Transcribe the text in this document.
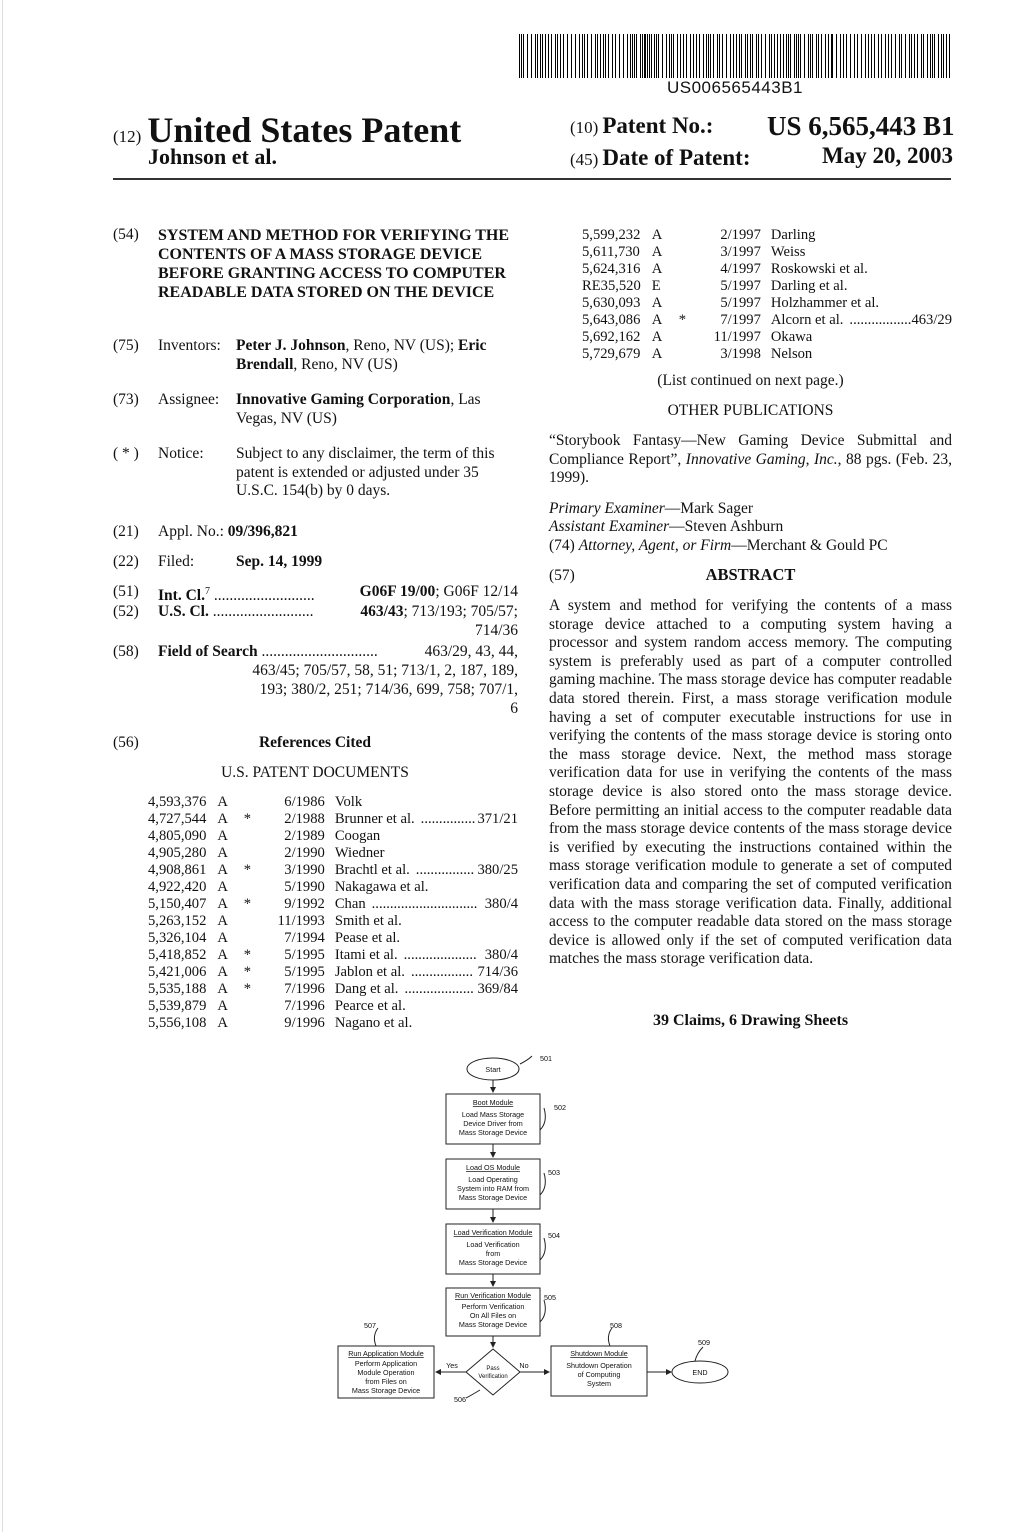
US006565443B1
(12) United States Patent
Johnson et al.
(10) Patent No.: US 6,565,443 B1
(45) Date of Patent:	May 20, 2003
(54) SYSTEM AND METHOD FOR VERIFYING THE CONTENTS OF A MASS STORAGE DEVICE BEFORE GRANTING ACCESS TO COMPUTER READABLE DATA STORED ON THE DEVICE
(75) Inventors: Peter J. Johnson, Reno, NV (US); Eric
Brendall, Reno, NV (US)
(73) Assignee: Innovative Gaming Corporation, Las
Vegas, NV (US)
( * ) Notice: Subject to any disclaimer, the term of this
patent is extended or adjusted under 35
U.S.C. 154(b) by 0 days.
(21) Appl. No.: 09/396,821
(22) Filed:	Sep. 14, 1999
(51) Int. Cl.$^7$ ..........................	G06F 19/00; G06F 12/14
(52) U.S. Cl. ..........................	463/43; 713/193; 705/57;
714/36
(58) Field of Search ..............................	463/29, 43, 44,
463/45; 705/57, 58, 51; 713/1, 2, 187, 189,
193; 380/2, 251; 714/36, 699, 758; 707/1,
6
(56)	References Cited
U.S. PATENT DOCUMENTS
4,593,376	A		6/1986	Volk	
4,727,544	A	*	2/1988	Brunner et al. ...............	371/21
4,805,090	A		2/1989	Coogan	
4,905,280	A		2/1990	Wiedner	
4,908,861	A	*	3/1990	Brachtl et al. ................	380/25
4,922,420	A		5/1990	Nakagawa et al.	
5,150,407	A	*	9/1992	Chan .............................	380/4
5,263,152	A		11/1993	Smith et al.	
5,326,104	A		7/1994	Pease et al.	
5,418,852	A	*	5/1995	Itami et al. ....................	380/4
5,421,006	A	*	5/1995	Jablon et al. .................	714/36
5,535,188	A	*	7/1996	Dang et al. ...................	369/84
5,539,879	A		7/1996	Pearce et al.	
5,556,108	A		9/1996	Nagano et al.	
5,599,232	A		2/1997	Darling	
5,611,730	A		3/1997	Weiss	
5,624,316	A		4/1997	Roskowski et al.	
RE35,520	E		5/1997	Darling et al.	
5,630,093	A		5/1997	Holzhammer et al.	
5,643,086	A	*	7/1997	Alcorn et al. .................	463/29
5,692,162	A		11/1997	Okawa	
5,729,679	A		3/1998	Nelson	
(List continued on next page.)
OTHER PUBLICATIONS
“Storybook Fantasy—New Gaming Device Submittal and Compliance Report”, Innovative Gaming, Inc., 88 pgs. (Feb. 23, 1999).
Primary Examiner—Mark Sager
Assistant Examiner—Steven Ashburn
(74) Attorney, Agent, or Firm—Merchant & Gould PC
(57)	ABSTRACT
A system and method for verifying the contents of a mass storage device attached to a computing system having a processor and system random access memory. The computing system is preferably used as part of a computer controlled gaming machine. The mass storage device has computer readable data stored therein. First, a mass storage verification module having a set of computer executable instructions for use in verifying the contents of the mass storage device is storing onto the mass storage device. Next, the method mass storage verification data for use in verifying the contents of the mass storage device is also stored onto the mass storage device. Before permitting an initial access to the computer readable data from the mass storage device contents of the mass storage device is verified by executing the instructions contained within the mass storage verification module to generate a set of computed verification data and comparing the set of computed verification data with the mass storage verification data. Finally, additional access to the computer readable data stored on the mass storage device is allowed only if the set of computed verification data matches the mass storage verification data.
39 Claims, 6 Drawing Sheets
Start
501
Boot Module
Load Mass Storage
Device Driver from
Mass Storage Device
502
Load OS Module
Load Operating
System into RAM from
Mass Storage Device
503
Load Verification Module
Load Verification
from
Mass Storage Device
504
Run Verification Module
Perform Verification
On All Files on
Mass Storage Device
505
Run Application Module
Perform Application
Module Operation
from Files on
Mass Storage Device
507
Pass
Verification
506
Yes	No
Shutdown Module
Shutdown Operation
of Computing
System
508
END
509
